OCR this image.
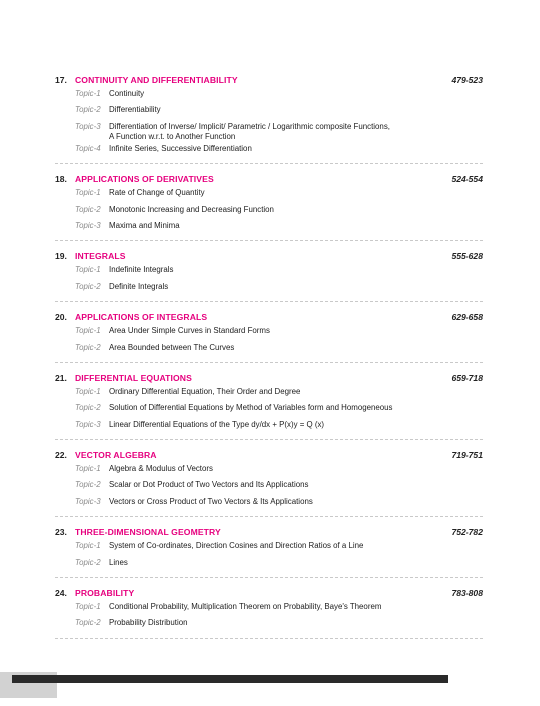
17. CONTINUITY AND DIFFERENTIABILITY	479-523
Topic-1 Continuity
Topic-2 Differentiability
Topic-3 Differentiation of Inverse/ Implicit/ Parametric / Logarithmic composite Functions,
A Function w.r.t. to Another Function
Topic-4 Infinite Series, Successive Differentiation
18. APPLICATIONS OF DERIVATIVES	524-554
Topic-1 Rate of Change of Quantity
Topic-2 Monotonic Increasing and Decreasing Function
Topic-3 Maxima and Minima
19. INTEGRALS	555-628
Topic-1 Indefinite Integrals
Topic-2 Definite Integrals
20. APPLICATIONS OF INTEGRALS	629-658
Topic-1 Area Under Simple Curves in Standard Forms
Topic-2 Area Bounded between The Curves
21. DIFFERENTIAL EQUATIONS	659-718
Topic-1 Ordinary Differential Equation, Their Order and Degree
Topic-2 Solution of Differential Equations by Method of Variables form and Homogeneous
Topic-3 Linear Differential Equations of the Type dy/dx + P(x)y = Q (x)
22. VECTOR ALGEBRA	719-751
Topic-1 Algebra & Modulus of Vectors
Topic-2 Scalar or Dot Product of Two Vectors and Its Applications
Topic-3 Vectors or Cross Product of Two Vectors & Its Applications
23. THREE-DIMENSIONAL GEOMETRY	752-782
Topic-1 System of Co-ordinates, Direction Cosines and Direction Ratios of a Line
Topic-2 Lines
24. PROBABILITY	783-808
Topic-1 Conditional Probability, Multiplication Theorem on Probability, Baye's Theorem
Topic-2 Probability Distribution
